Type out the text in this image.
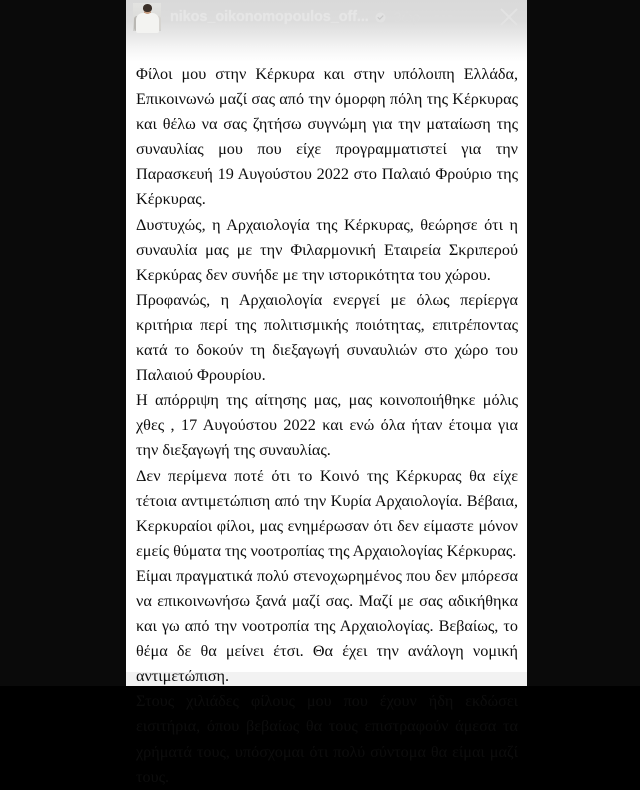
nikos_oikonomopoulos_off... 3ώρ.

Φίλοι μου στην Κέρκυρα και στην υπόλοιπη Ελλάδα, Επικοινωνώ μαζί σας από την όμορφη πόλη της Κέρκυρας και θέλω να σας ζητήσω συγνώμη για την ματαίωση της συναυλίας μου που είχε προγραμματιστεί για την Παρασκευή 19 Αυγούστου 2022 στο Παλαιό Φρούριο της Κέρκυρας.

Δυστυχώς, η Αρχαιολογία της Κέρκυρας, θεώρησε ότι η συναυλία μας με την Φιλαρμονική Εταιρεία Σκριπερού Κερκύρας δεν συνήδε με την ιστορικότητα του χώρου.

Προφανώς, η Αρχαιολογία ενεργεί με όλως περίεργα κριτήρια περί της πολιτισμικής ποιότητας, επιτρέποντας κατά το δοκούν τη διεξαγωγή συναυλιών στο χώρο του Παλαιού Φρουρίου.

Η απόρριψη της αίτησης μας, μας κοινοποιήθηκε μόλις χθες , 17 Αυγούστου 2022 και ενώ όλα ήταν έτοιμα για την διεξαγωγή της συναυλίας.

Δεν περίμενα ποτέ ότι το Κοινό της Κέρκυρας θα είχε τέτοια αντιμετώπιση από την Κυρία Αρχαιολογία. Βέβαια, Κερκυραίοι φίλοι, μας ενημέρωσαν ότι δεν είμαστε μόνον εμείς θύματα της νοοτροπίας της Αρχαιολογίας Κέρκυρας.

Είμαι πραγματικά πολύ στενοχωρημένος που δεν μπόρεσα να επικοινωνήσω ξανά μαζί σας. Μαζί με σας αδικήθηκα και γω από την νοοτροπία της Αρχαιολογίας. Βεβαίως, το θέμα δε θα μείνει έτσι. Θα έχει την ανάλογη νομική αντιμετώπιση.

Στους χιλιάδες φίλους μου που έχουν ήδη εκδώσει εισιτήρια, όπου βεβαίως θα τους επιστραφούν άμεσα τα χρήματά τους, υπόσχομαι ότι πολύ σύντομα θα είμαι μαζί τους.
